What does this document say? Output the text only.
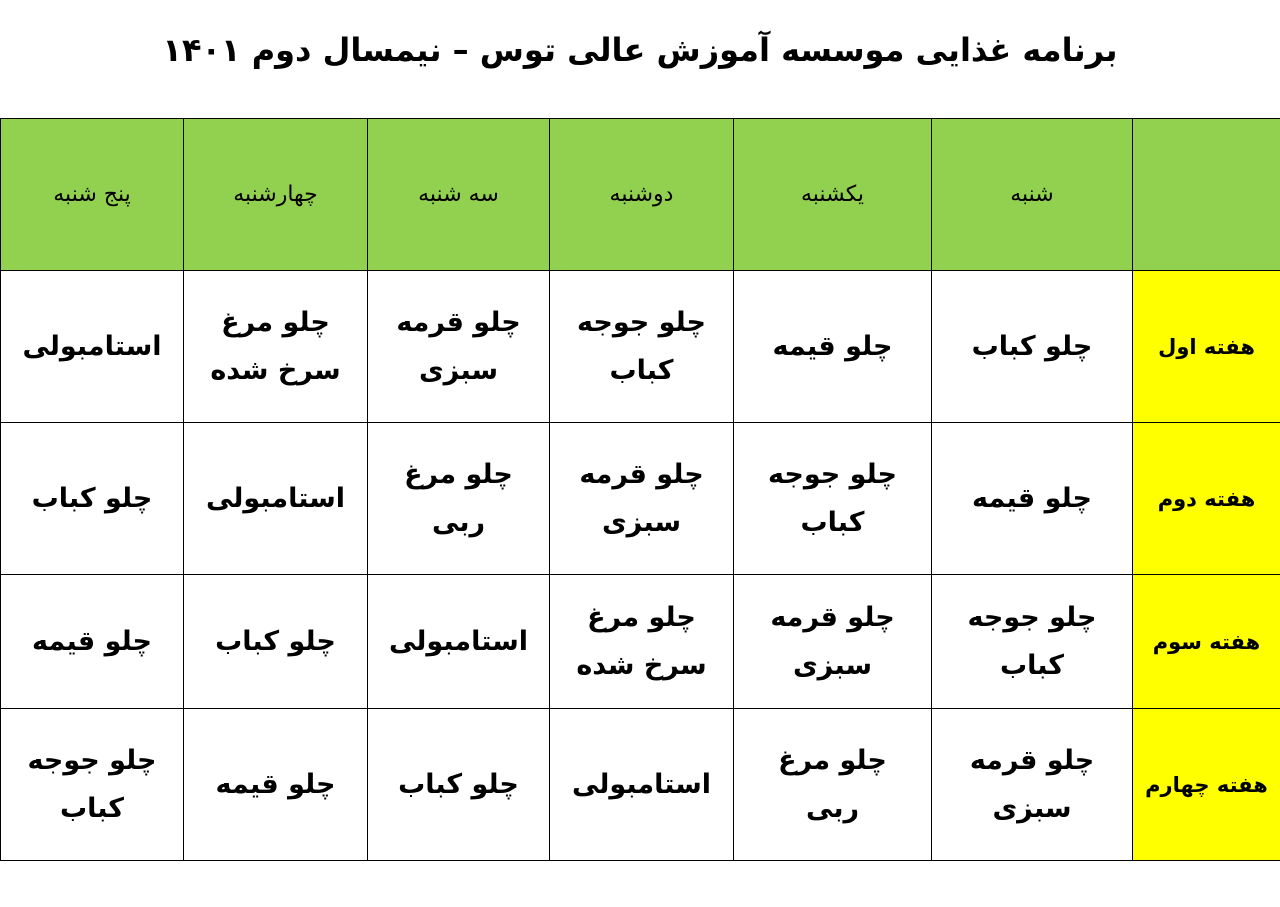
برنامه غذایی موسسه آموزش عالی توس – نیمسال دوم ۱۴۰۱
پنج شنبه	چهارشنبه	سه شنبه	دوشنبه	یکشنبه	شنبه	
استامبولی	چلو مرغ سرخ شده	چلو قرمه سبزی	چلو جوجه کباب	چلو قیمه	چلو کباب	هفته اول
چلو کباب	استامبولی	چلو مرغ ربی	چلو قرمه سبزی	چلو جوجه کباب	چلو قیمه	هفته دوم
چلو قیمه	چلو کباب	استامبولی	چلو مرغ سرخ شده	چلو قرمه سبزی	چلو جوجه کباب	هفته سوم
چلو جوجه کباب	چلو قیمه	چلو کباب	استامبولی	چلو مرغ ربی	چلو قرمه سبزی	هفته چهارم
